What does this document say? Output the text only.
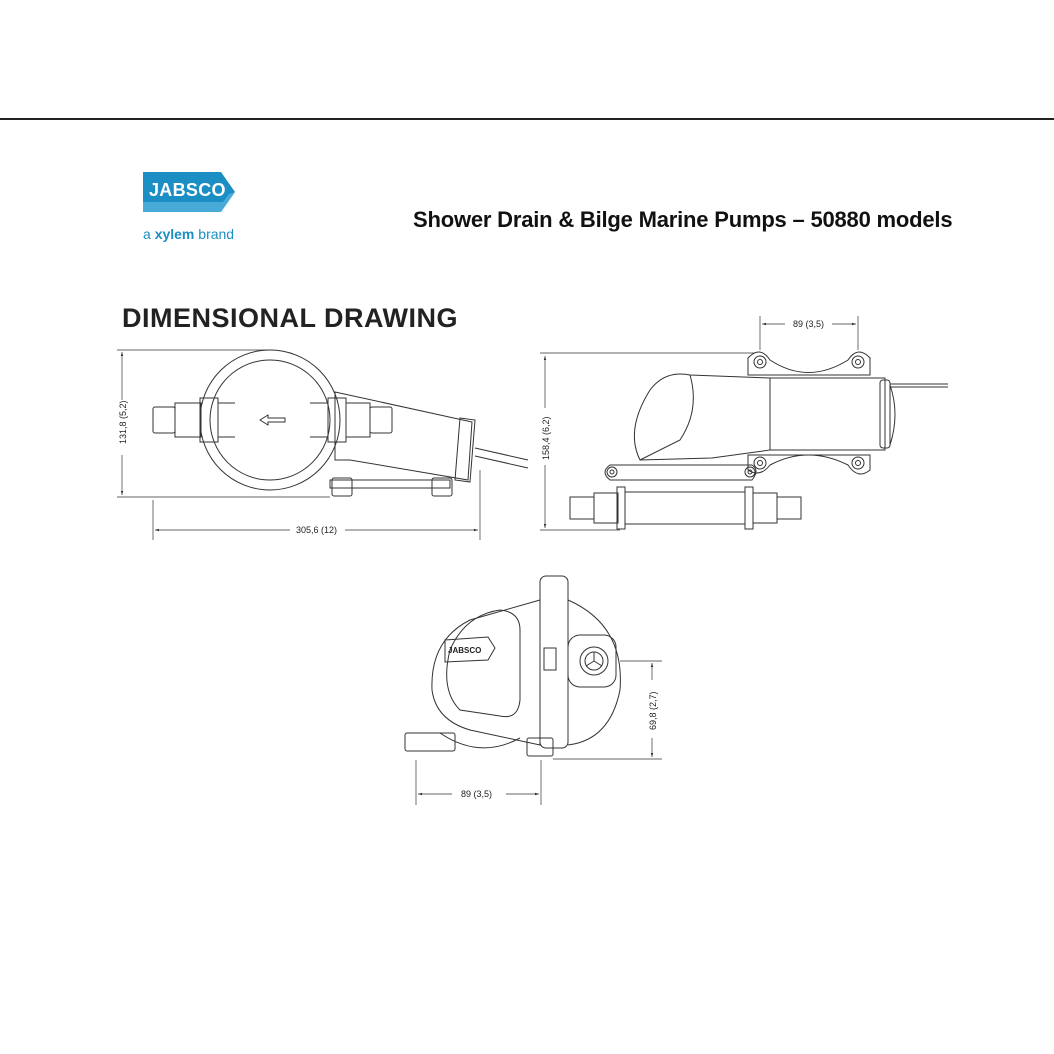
JABSCO
a xylem brand
Shower Drain & Bilge Marine Pumps – 50880 models
DIMENSIONAL DRAWING
131,8 (5,2)
305,6 (12)
89 (3,5)
158,4 (6,2)
JABSCO
69,8 (2,7)
89 (3,5)
